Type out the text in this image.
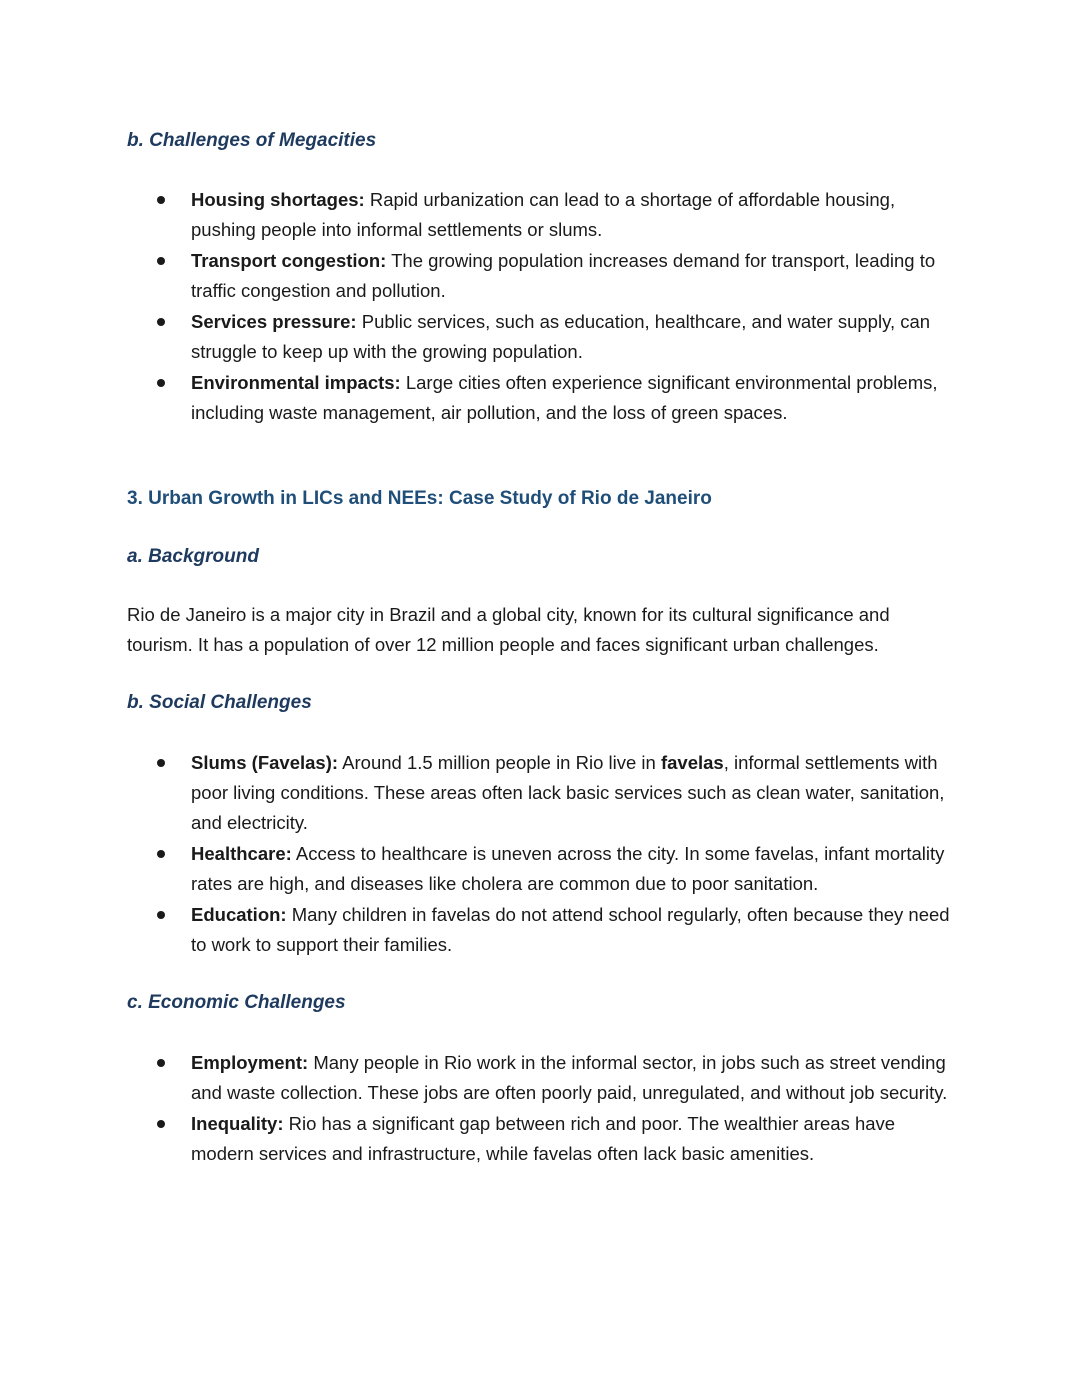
b. Challenges of Megacities
Housing shortages: Rapid urbanization can lead to a shortage of affordable housing, pushing people into informal settlements or slums.
Transport congestion: The growing population increases demand for transport, leading to traffic congestion and pollution.
Services pressure: Public services, such as education, healthcare, and water supply, can struggle to keep up with the growing population.
Environmental impacts: Large cities often experience significant environmental problems, including waste management, air pollution, and the loss of green spaces.
3. Urban Growth in LICs and NEEs: Case Study of Rio de Janeiro
a. Background

Rio de Janeiro is a major city in Brazil and a global city, known for its cultural significance and tourism. It has a population of over 12 million people and faces significant urban challenges.

b. Social Challenges
Slums (Favelas): Around 1.5 million people in Rio live in favelas, informal settlements with poor living conditions. These areas often lack basic services such as clean water, sanitation, and electricity.
Healthcare: Access to healthcare is uneven across the city. In some favelas, infant mortality rates are high, and diseases like cholera are common due to poor sanitation.
Education: Many children in favelas do not attend school regularly, often because they need to work to support their families.
c. Economic Challenges
Employment: Many people in Rio work in the informal sector, in jobs such as street vending and waste collection. These jobs are often poorly paid, unregulated, and without job security.
Inequality: Rio has a significant gap between rich and poor. The wealthier areas have modern services and infrastructure, while favelas often lack basic amenities.
